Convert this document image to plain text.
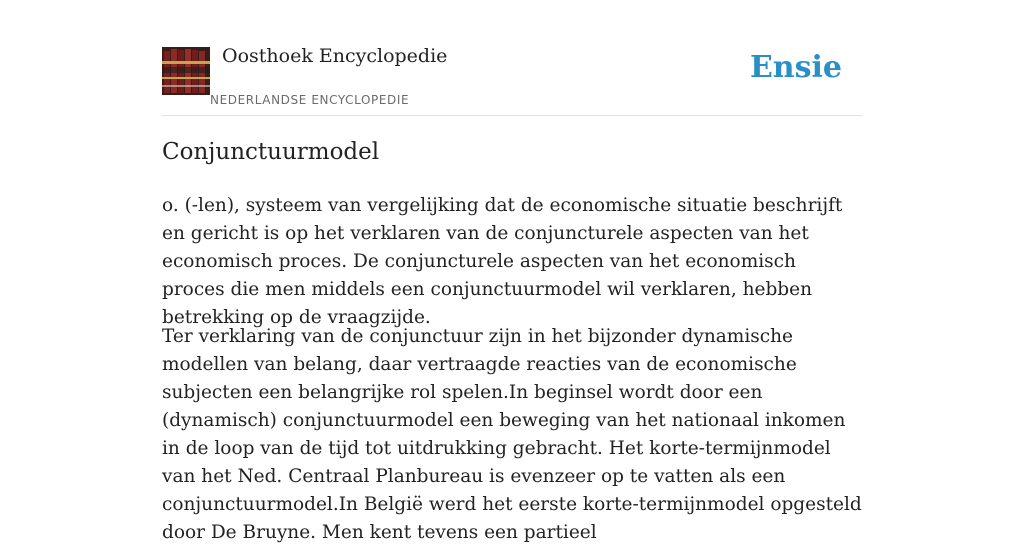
Oosthoek Encyclopedie
NEDERLANDSE ENCYCLOPEDIE
Ensie
Conjunctuurmodel

o. (-len), systeem van vergelijking dat de economische situatie beschrijft en gericht is op het verklaren van de conjuncturele aspecten van het economisch proces. De conjuncturele aspecten van het economisch proces die men middels een conjunctuurmodel wil verklaren, hebben betrekking op de vraagzijde.

Ter verklaring van de conjunctuur zijn in het bijzonder dynamische modellen van belang, daar vertraagde reacties van de economische subjecten een belangrijke rol spelen.In beginsel wordt door een (dynamisch) conjunctuurmodel een beweging van het nationaal inkomen in de loop van de tijd tot uitdrukking gebracht. Het korte-termijnmodel van het Ned. Centraal Planbureau is evenzeer op te vatten als een conjunctuurmodel.In België werd het eerste korte-termijnmodel opgesteld door De Bruyne. Men kent tevens een partieel
